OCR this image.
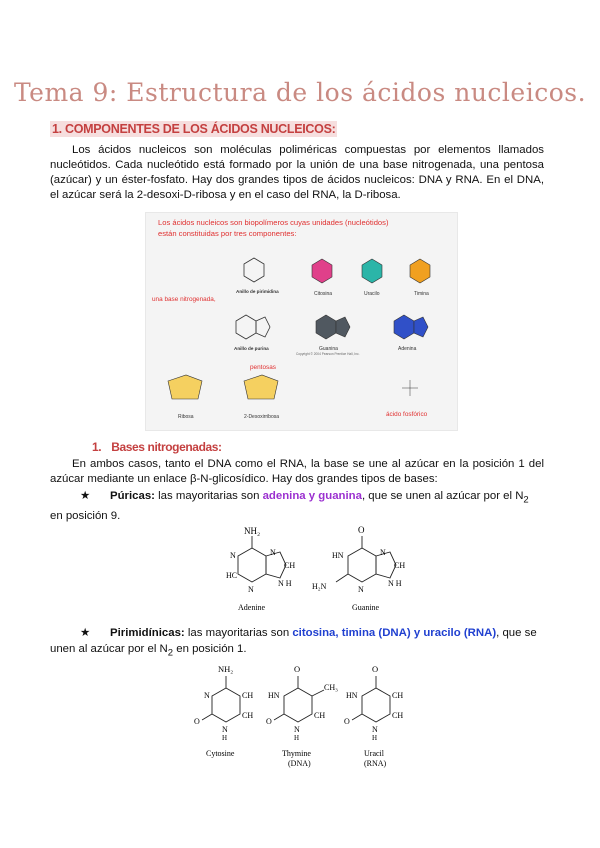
Tema 9: Estructura de los ácidos nucleicos.
1. COMPONENTES DE LOS ÁCIDOS NUCLEICOS:
Los ácidos nucleicos son moléculas poliméricas compuestas por elementos llamados nucleótidos. Cada nucleótido está formado por la unión de una base nitrogenada, una pentosa (azúcar) y un éster-fosfato. Hay dos grandes tipos de ácidos nucleicos: DNA y RNA. En el DNA, el azúcar será la 2-desoxi-D-ribosa y en el caso del RNA, la D-ribosa.
Los ácidos nucleicos son biopolímeros cuyas unidades (nucleótidos)
están constituidas por tres componentes:
una base nitrogenada,
pentosas
ácido fosfórico
Anillo de pirimidina	Citosina	Uracilo	Timina
Anillo de purina
Copyright © 2004 Pearson Prentice Hall, Inc.
Guanina	Adenina
Ribosa	2-Desoxirribosa
1. Bases nitrogenadas:
En ambos casos, tanto el DNA como el RNA, la base se une al azúcar en la posición 1 del azúcar mediante un enlace β-N-glicosídico. Hay dos grandes tipos de bases:
★ Púricas: las mayoritarias son adenina y guanina, que se unen al azúcar por el $N_2$ en posición 9.
NH₂
N	N
CH
HC
N
N H
Adenine
O
HN	N
CH
H₂N	N
N H
Guanine
★ Pirimidínicas: las mayoritarias son citosina, timina (DNA) y uracilo (RNA), que se unen al azúcar por el $N_2$ en posición 1.
NH₂
N	CH
CH
O
N
H
Cytosine
O
HN
CH₃
CH
O
N
H
Thymine
(DNA)
O
HN	CH
CH
O
N
H
Uracil
(RNA)
